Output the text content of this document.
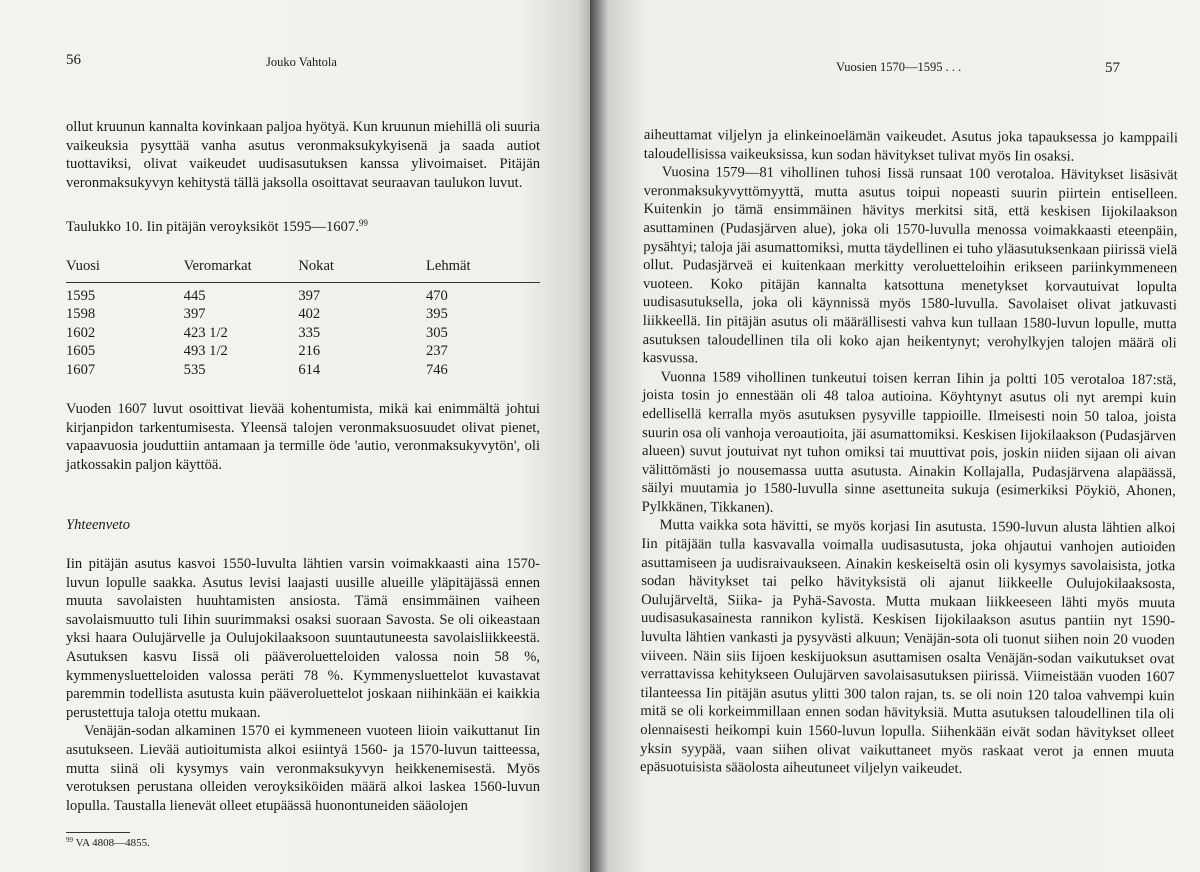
56	Jouko Vahtola

ollut kruunun kannalta kovinkaan paljoa hyötyä. Kun kruunun miehillä oli suuria vaikeuksia pysyttää vanha asutus veronmaksukykyisenä ja saada autiot tuottaviksi, olivat vaikeudet uudisasutuksen kanssa ylivoimaiset. Pitäjän veronmaksukyvyn kehitystä tällä jaksolla osoittavat seuraavan taulukon luvut.

Taulukko 10. Iin pitäjän veroyksiköt 1595—1607.99
Vuosi	Veromarkat	Nokat	Lehmät
1595	445	397	470
1598	397	402	395
1602	423 1/2	335	305
1605	493 1/2	216	237
1607	535	614	746

Vuoden 1607 luvut osoittivat lievää kohentumista, mikä kai enimmältä johtui kirjanpidon tarkentumisesta. Yleensä talojen veronmaksuosuudet olivat pienet, vapaavuosia jouduttiin antamaan ja termille öde 'autio, veronmaksukyvytön', oli jatkossakin paljon käyttöä.

Yhteenveto

Iin pitäjän asutus kasvoi 1550-luvulta lähtien varsin voimakkaasti aina 1570-luvun lopulle saakka. Asutus levisi laajasti uusille alueille yläpitäjässä ennen muuta savolaisten huuhtamisten ansiosta. Tämä ensimmäinen vaiheen savolaismuutto tuli Iihin suurimmaksi osaksi suoraan Savosta. Se oli oikeastaan yksi haara Oulujärvelle ja Oulujokilaaksoon suuntautuneesta savolaisliikkeestä. Asutuksen kasvu Iissä oli pääveroluetteloiden valossa noin 58 %, kymmenysluetteloiden valossa peräti 78 %. Kymmenysluettelot kuvastavat paremmin todellista asutusta kuin pääveroluettelot joskaan niihinkään ei kaikkia perustettuja taloja otettu mukaan.

Venäjän-sodan alkaminen 1570 ei kymmeneen vuoteen liioin vaikuttanut Iin asutukseen. Lievää autioitumista alkoi esiintyä 1560- ja 1570-luvun taitteessa, mutta siinä oli kysymys vain veronmaksukyvyn heikkenemisestä. Myös verotuksen perustana olleiden veroyksiköiden määrä alkoi laskea 1560-luvun lopulla. Taustalla lienevät olleet etupäässä huonontuneiden sääolojen

$^{99}$ VA 4808—4855.
Vuosien 1570—1595 . . .	57

aiheuttamat viljelyn ja elinkeinoelämän vaikeudet. Asutus joka tapauksessa jo kamppaili taloudellisissa vaikeuksissa, kun sodan hävitykset tulivat myös Iin osaksi.

Vuosina 1579—81 vihollinen tuhosi Iissä runsaat 100 verotaloa. Hävitykset lisäsivät veronmaksukyvyttömyyttä, mutta asutus toipui nopeasti suurin piirtein entiselleen. Kuitenkin jo tämä ensimmäinen hävitys merkitsi sitä, että keskisen Iijokilaakson asuttaminen (Pudasjärven alue), joka oli 1570-luvulla menossa voimakkaasti eteenpäin, pysähtyi; taloja jäi asumattomiksi, mutta täydellinen ei tuho yläasutuksenkaan piirissä vielä ollut. Pudasjärveä ei kuitenkaan merkitty veroluetteloihin erikseen pariinkymmeneen vuoteen. Koko pitäjän kannalta katsottuna menetykset korvautuivat lopulta uudisasutuksella, joka oli käynnissä myös 1580-luvulla. Savolaiset olivat jatkuvasti liikkeellä. Iin pitäjän asutus oli määrällisesti vahva kun tullaan 1580-luvun lopulle, mutta asutuksen taloudellinen tila oli koko ajan heikentynyt; verohylkyjen talojen määrä oli kasvussa.

Vuonna 1589 vihollinen tunkeutui toisen kerran Iihin ja poltti 105 verotaloa 187:stä, joista tosin jo ennestään oli 48 taloa autioina. Köyhtynyt asutus oli nyt arempi kuin edellisellä kerralla myös asutuksen pysyville tappioille. Ilmeisesti noin 50 taloa, joista suurin osa oli vanhoja veroautioita, jäi asumattomiksi. Keskisen Iijokilaakson (Pudasjärven alueen) suvut joutuivat nyt tuhon omiksi tai muuttivat pois, joskin niiden sijaan oli aivan välittömästi jo nousemassa uutta asutusta. Ainakin Kollajalla, Pudasjärvena alapäässä, säilyi muutamia jo 1580-luvulla sinne asettuneita sukuja (esimerkiksi Pöykiö, Ahonen, Pylkkänen, Tikkanen).

Mutta vaikka sota hävitti, se myös korjasi Iin asutusta. 1590-luvun alusta lähtien alkoi Iin pitäjään tulla kasvavalla voimalla uudisasutusta, joka ohjautui vanhojen autioiden asuttamiseen ja uudisraivaukseen. Ainakin keskeiseltä osin oli kysymys savolaisista, jotka sodan hävitykset tai pelko hävityksistä oli ajanut liikkeelle Oulujokilaaksosta, Oulujärveltä, Siika- ja Pyhä-Savosta. Mutta mukaan liikkeeseen lähti myös muuta uudisasukasainesta rannikon kylistä. Keskisen Iijokilaakson asutus pantiin nyt 1590-luvulta lähtien vankasti ja pysyvästi alkuun; Venäjän-sota oli tuonut siihen noin 20 vuoden viiveen. Näin siis Iijoen keskijuoksun asuttamisen osalta Venäjän-sodan vaikutukset ovat verrattavissa kehitykseen Oulujärven savolaisasutuksen piirissä. Viimeistään vuoden 1607 tilanteessa Iin pitäjän asutus ylitti 300 talon rajan, ts. se oli noin 120 taloa vahvempi kuin mitä se oli korkeimmillaan ennen sodan hävityksiä. Mutta asutuksen taloudellinen tila oli olennaisesti heikompi kuin 1560-luvun lopulla. Siihenkään eivät sodan hävitykset olleet yksin syypää, vaan siihen olivat vaikuttaneet myös raskaat verot ja ennen muuta epäsuotuisista sääolosta aiheutuneet viljelyn vaikeudet.
